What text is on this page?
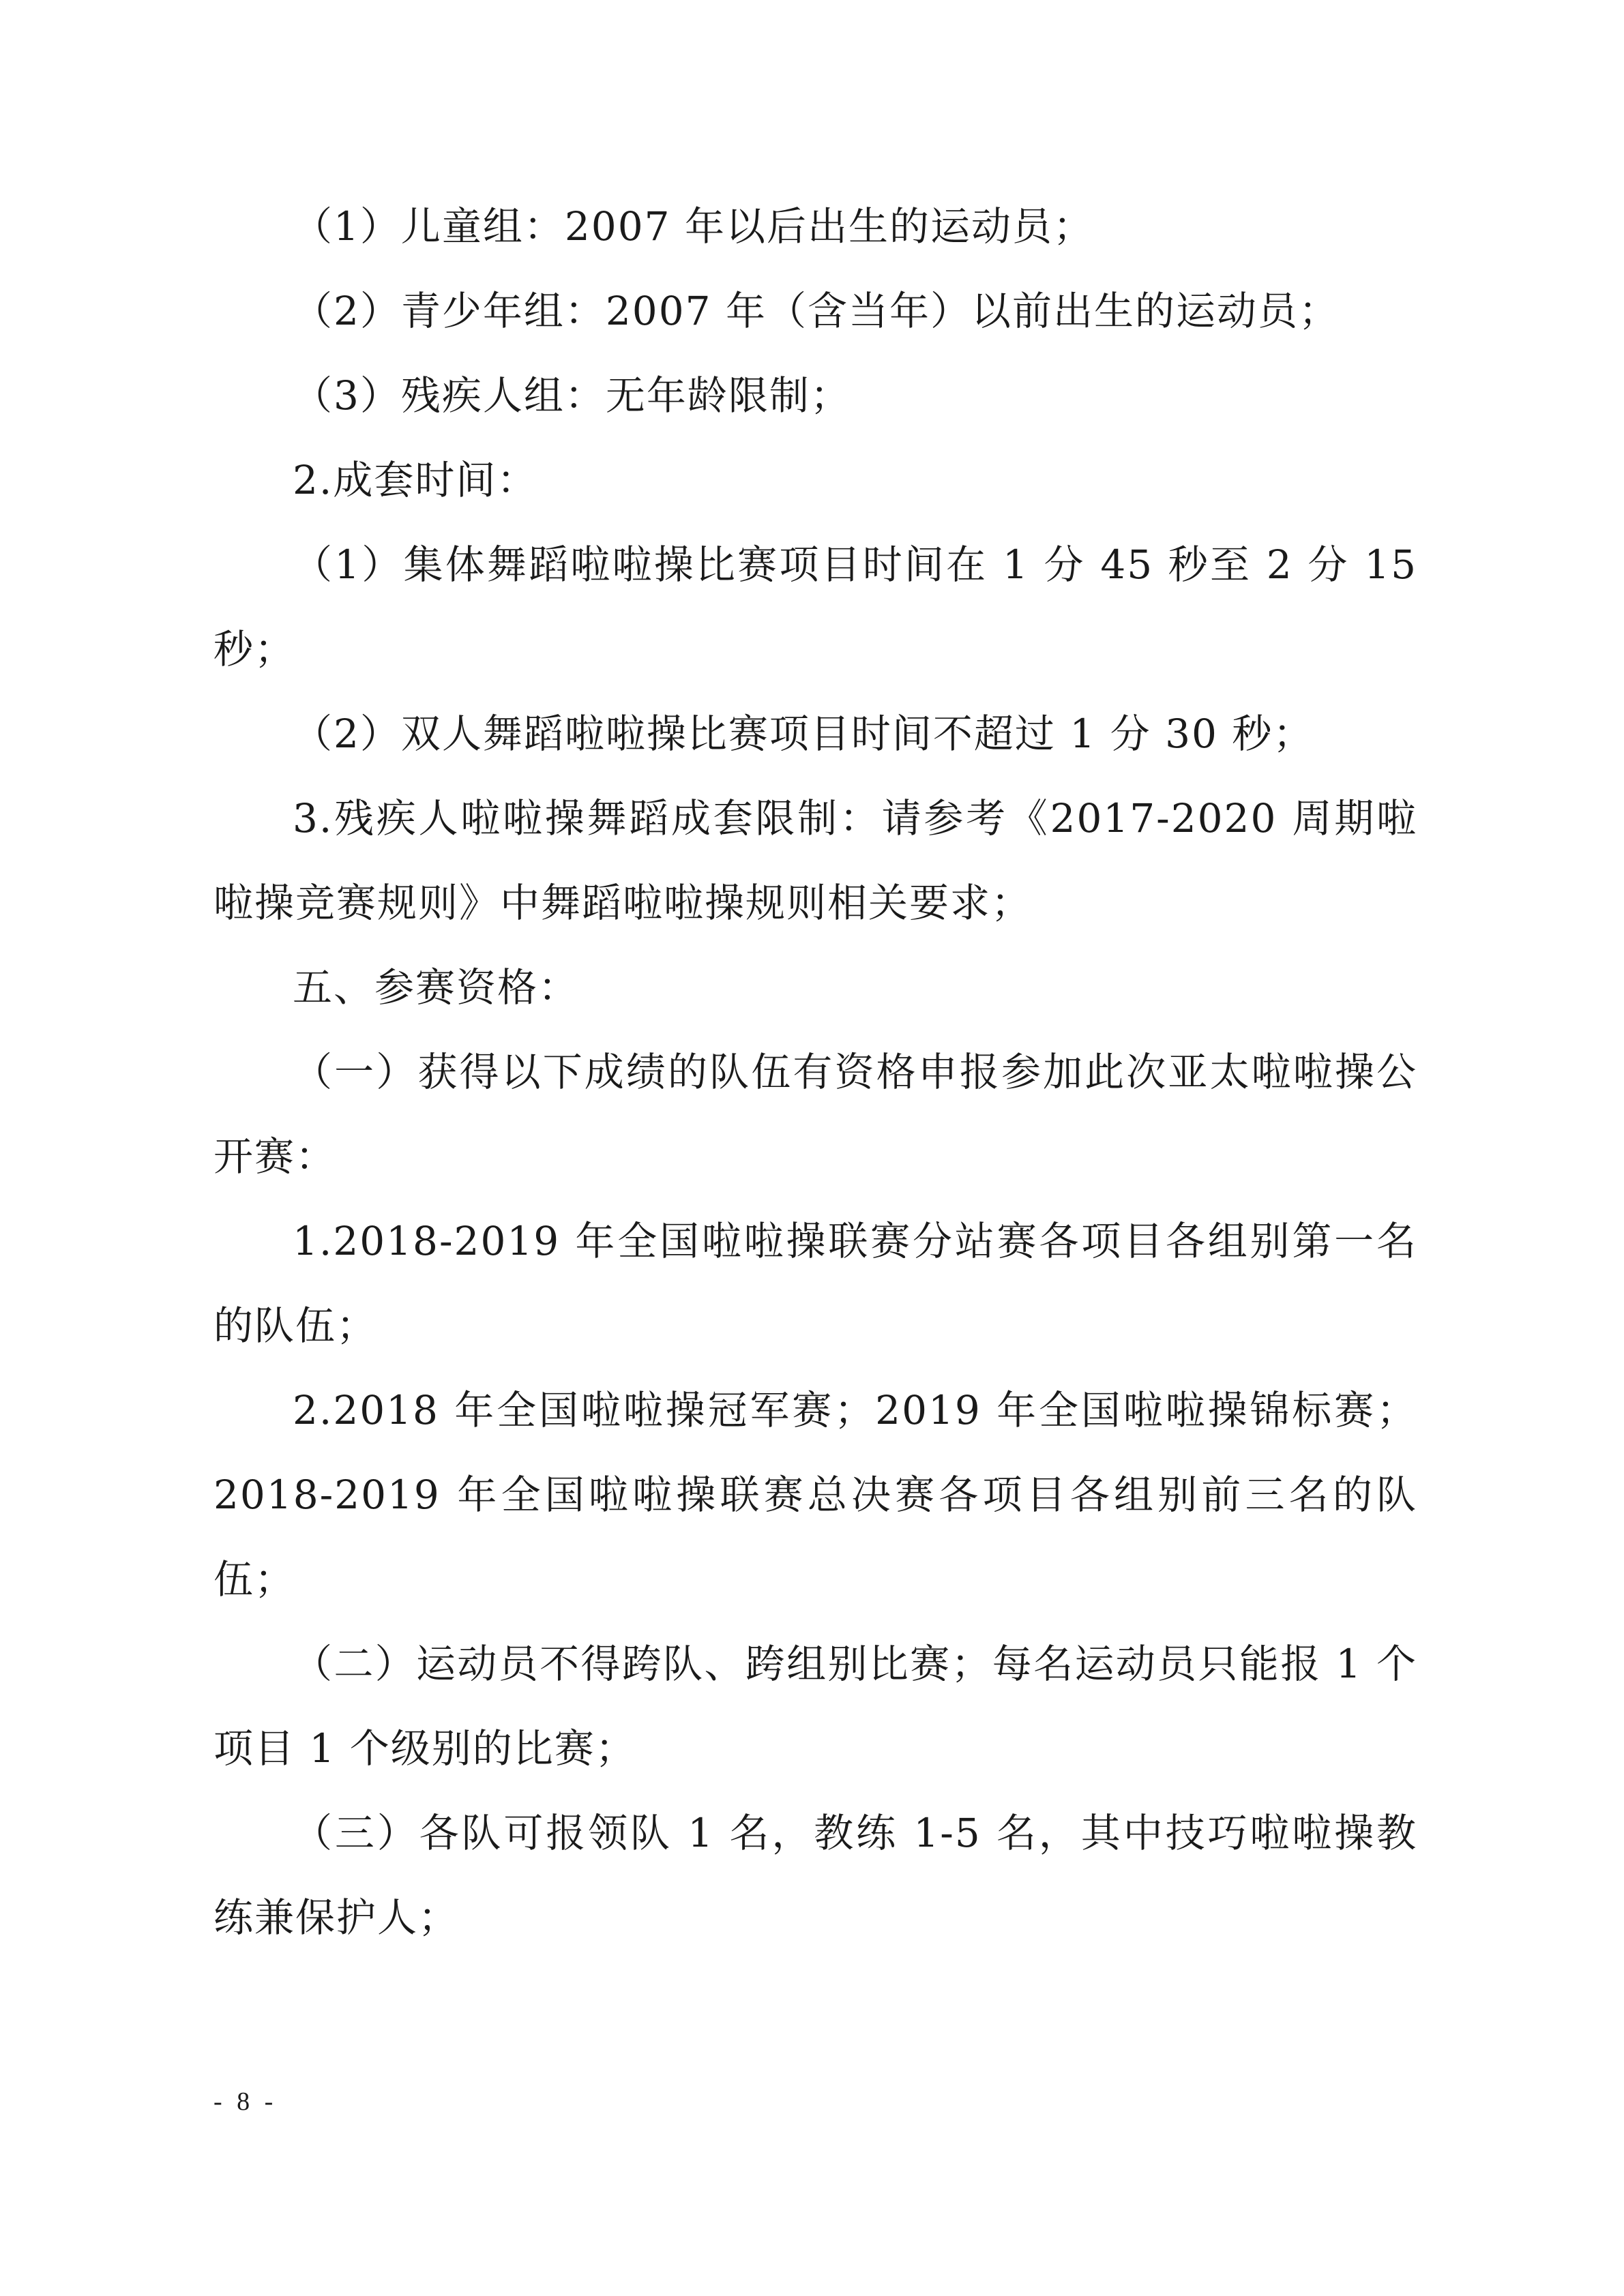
（1）儿童组：2007 年以后出生的运动员；

（2）青少年组：2007 年（含当年）以前出生的运动员；

（3）残疾人组：无年龄限制；

2.成套时间：

（1）集体舞蹈啦啦操比赛项目时间在 1 分 45 秒至 2 分 15 秒；

（2）双人舞蹈啦啦操比赛项目时间不超过 1 分 30 秒；

3.残疾人啦啦操舞蹈成套限制：请参考《2017-2020 周期啦啦操竞赛规则》中舞蹈啦啦操规则相关要求；

五、参赛资格：

（一）获得以下成绩的队伍有资格申报参加此次亚太啦啦操公开赛：

1.2018-2019 年全国啦啦操联赛分站赛各项目各组别第一名的队伍；

2.2018 年全国啦啦操冠军赛；2019 年全国啦啦操锦标赛；2018-2019 年全国啦啦操联赛总决赛各项目各组别前三名的队伍；

（二）运动员不得跨队、跨组别比赛；每名运动员只能报 1 个项目 1 个级别的比赛；

（三）各队可报领队 1 名，教练 1-5 名，其中技巧啦啦操教练兼保护人；

- 8 -
